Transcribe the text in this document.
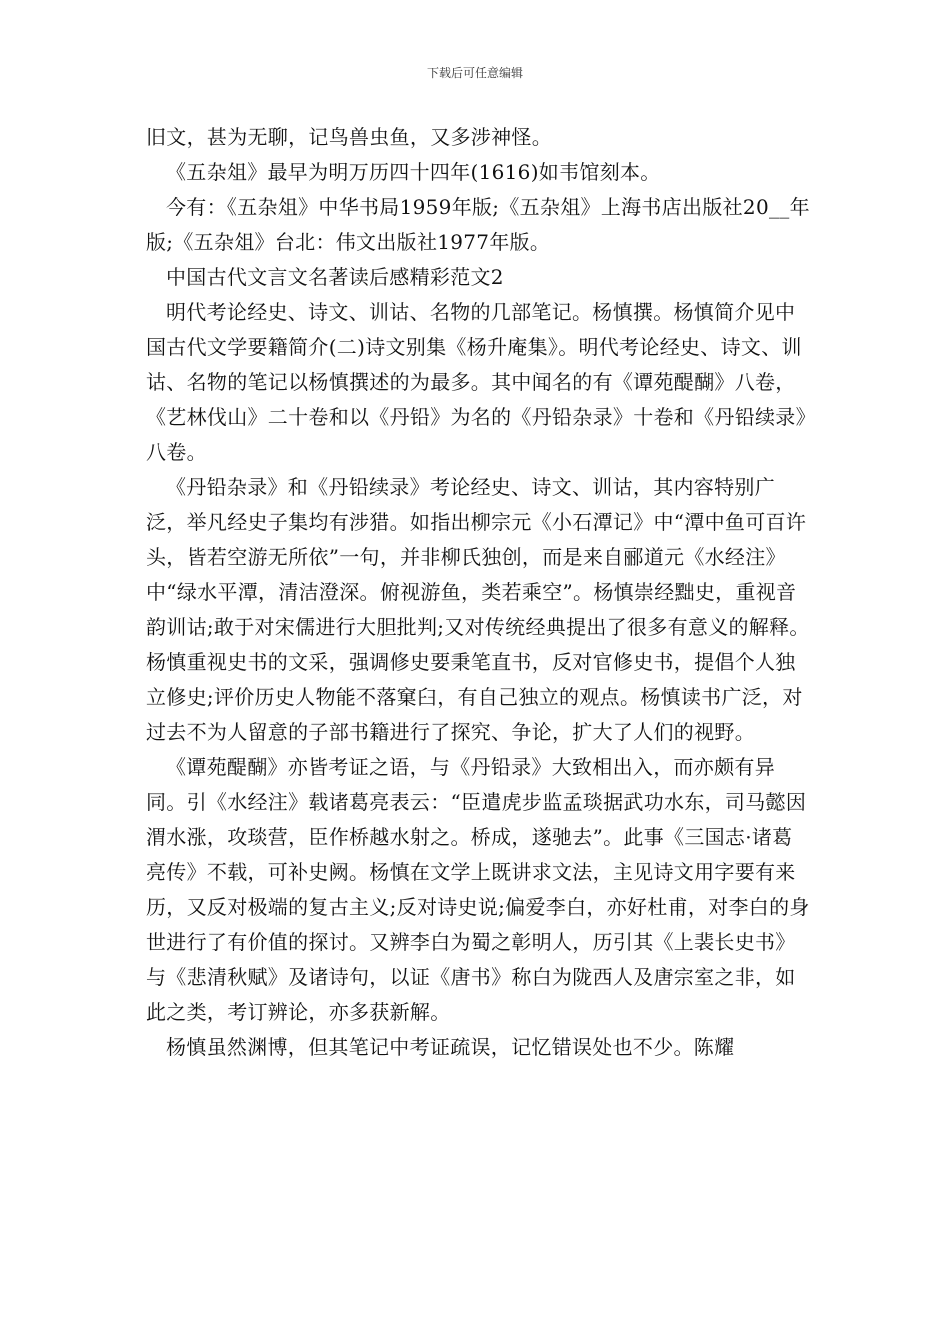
下载后可任意编辑

旧文，甚为无聊，记鸟兽虫鱼，又多涉神怪。

《五杂俎》最早为明万历四十四年(1616)如韦馆刻本。

今有：《五杂俎》中华书局1959年版;《五杂俎》上海书店出版社20__年版;《五杂俎》台北：伟文出版社1977年版。

中国古代文言文名著读后感精彩范文2

明代考论经史、诗文、训诂、名物的几部笔记。杨慎撰。杨慎简介见中国古代文学要籍简介(二)诗文别集《杨升庵集》。明代考论经史、诗文、训诂、名物的笔记以杨慎撰述的为最多。其中闻名的有《谭苑醍醐》八卷，《艺林伐山》二十卷和以《丹铅》为名的《丹铅杂录》十卷和《丹铅续录》八卷。

《丹铅杂录》和《丹铅续录》考论经史、诗文、训诂，其内容特别广泛，举凡经史子集均有涉猎。如指出柳宗元《小石潭记》中“潭中鱼可百许头，皆若空游无所依”一句，并非柳氏独创，而是来自郦道元《水经注》中“绿水平潭，清洁澄深。俯视游鱼，类若乘空”。杨慎崇经黜史，重视音韵训诂;敢于对宋儒进行大胆批判;又对传统经典提出了很多有意义的解释。杨慎重视史书的文采，强调修史要秉笔直书，反对官修史书，提倡个人独立修史;评价历史人物能不落窠臼，有自己独立的观点。杨慎读书广泛，对过去不为人留意的子部书籍进行了探究、争论，扩大了人们的视野。

《谭苑醍醐》亦皆考证之语，与《丹铅录》大致相出入，而亦颇有异同。引《水经注》载诸葛亮表云：“臣遣虎步监孟琰据武功水东，司马懿因渭水涨，攻琰营，臣作桥越水射之。桥成，遂驰去”。此事《三国志·诸葛亮传》不载，可补史阙。杨慎在文学上既讲求文法，主见诗文用字要有来历，又反对极端的复古主义;反对诗史说;偏爱李白，亦好杜甫，对李白的身世进行了有价值的探讨。又辨李白为蜀之彰明人，历引其《上裴长史书》与《悲清秋赋》及诸诗句，以证《唐书》称白为陇西人及唐宗室之非，如此之类，考订辨论，亦多获新解。

杨慎虽然渊博，但其笔记中考证疏误，记忆错误处也不少。陈耀
